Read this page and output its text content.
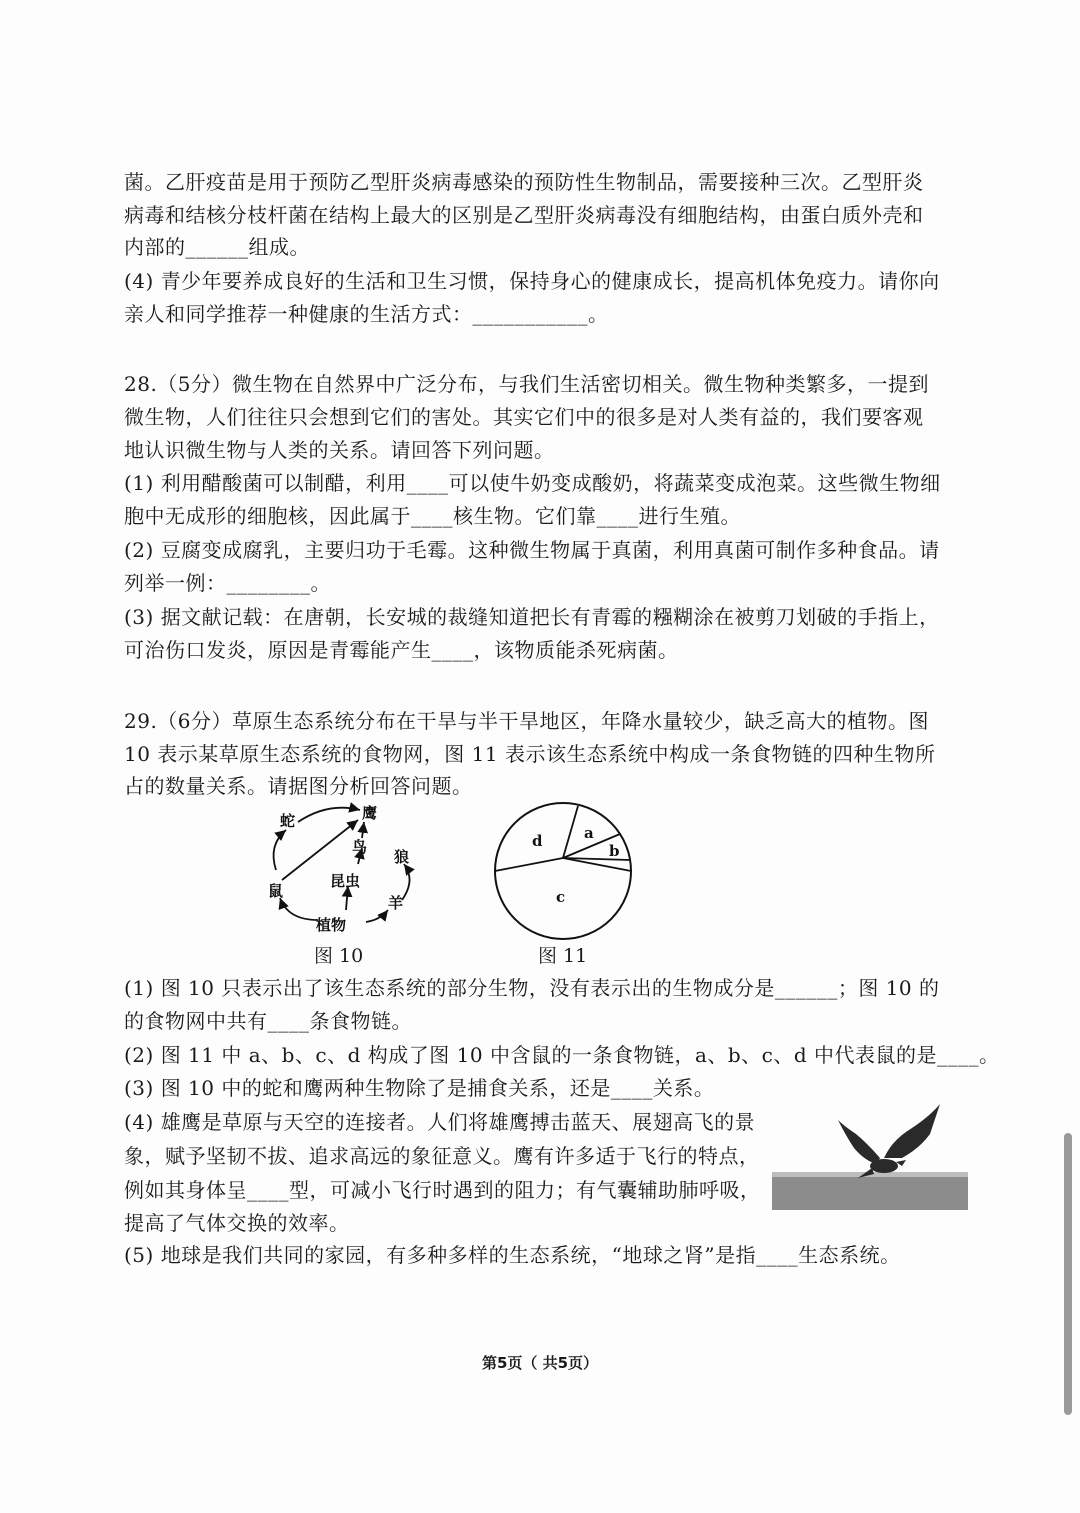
菌。乙肝疫苗是用于预防乙型肝炎病毒感染的预防性生物制品，需要接种三次。乙型肝炎
病毒和结核分枝杆菌在结构上最大的区别是乙型肝炎病毒没有细胞结构，由蛋白质外壳和
内部的______组成。
(4) 青少年要养成良好的生活和卫生习惯，保持身心的健康成长，提高机体免疫力。请你向
亲人和同学推荐一种健康的生活方式：___________。
28.（5分）微生物在自然界中广泛分布，与我们生活密切相关。微生物种类繁多，一提到
微生物，人们往往只会想到它们的害处。其实它们中的很多是对人类有益的，我们要客观
地认识微生物与人类的关系。请回答下列问题。
(1) 利用醋酸菌可以制醋，利用____可以使牛奶变成酸奶，将蔬菜变成泡菜。这些微生物细
胞中无成形的细胞核，因此属于____核生物。它们靠____进行生殖。
(2) 豆腐变成腐乳，主要归功于毛霉。这种微生物属于真菌，利用真菌可制作多种食品。请
列举一例：________。
(3) 据文献记载：在唐朝，长安城的裁缝知道把长有青霉的糨糊涂在被剪刀划破的手指上，
可治伤口发炎，原因是青霉能产生____，该物质能杀死病菌。
29.（6分）草原生态系统分布在干旱与半干旱地区，年降水量较少，缺乏高大的植物。图
10 表示某草原生态系统的食物网，图 11 表示该生态系统中构成一条食物链的四种生物所
占的数量关系。请据图分析回答问题。
蛇	鹰
鸟
狼
鼠
昆虫
羊
植物
图 10
d	a
b
c
图 11
(1) 图 10 只表示出了该生态系统的部分生物，没有表示出的生物成分是______；图 10 的
的食物网中共有____条食物链。
(2) 图 11 中 a、b、c、d 构成了图 10 中含鼠的一条食物链，a、b、c、d 中代表鼠的是____。
(3) 图 10 中的蛇和鹰两种生物除了是捕食关系，还是____关系。
(4) 雄鹰是草原与天空的连接者。人们将雄鹰搏击蓝天、展翅高飞的景
象，赋予坚韧不拔、追求高远的象征意义。鹰有许多适于飞行的特点，
例如其身体呈____型，可减小飞行时遇到的阻力；有气囊辅助肺呼吸，
提高了气体交换的效率。
(5) 地球是我们共同的家园，有多种多样的生态系统，“地球之肾”是指____生态系统。
第5页（ 共5页）
